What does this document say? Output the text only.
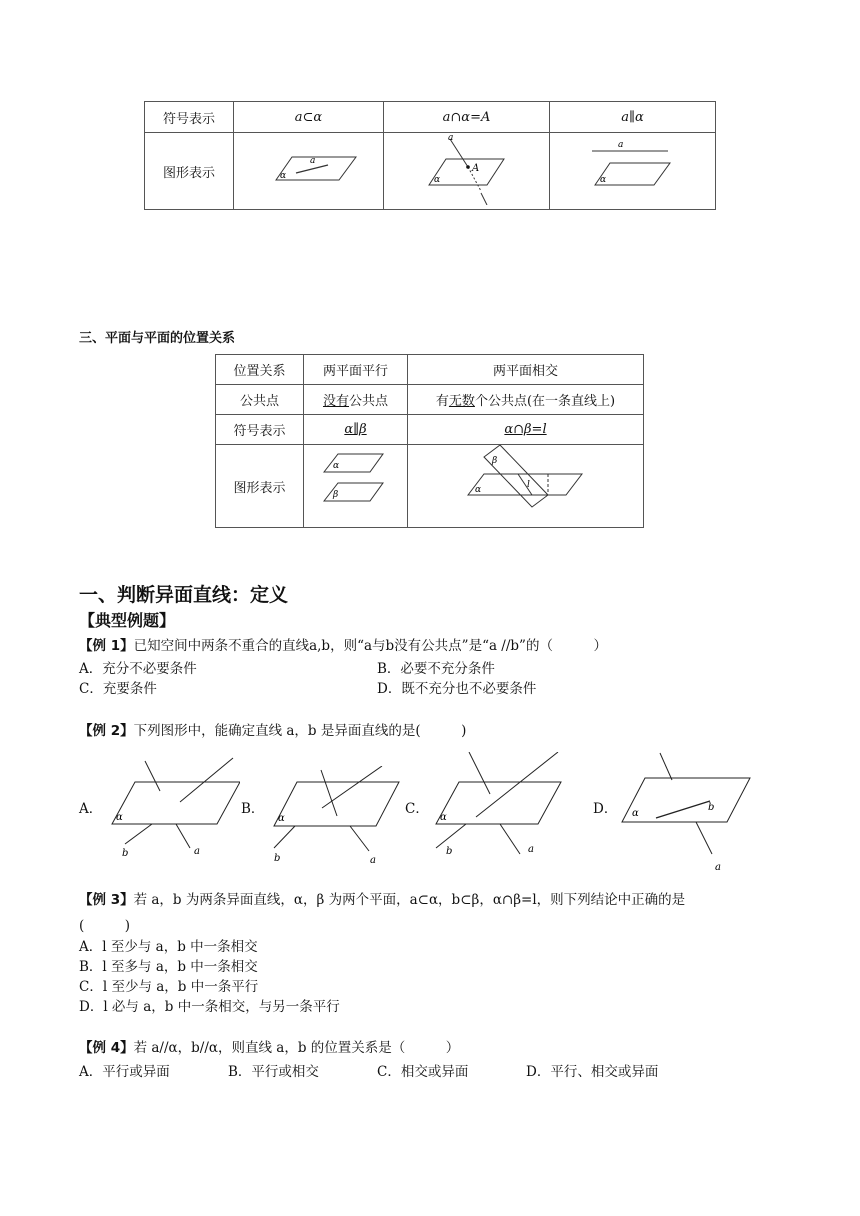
符号表示	a⊂α	a∩α=A	a∥α
图形表示	a
α	a
A
α	a
α
三、平面与平面的位置关系
位置关系	两平面平行	两平面相交
公共点	没有公共点	有无数个公共点(在一条直线上)
符号表示	α∥β	α∩β=l
图形表示	α
β	β
l
α
一、判断异面直线：定义
【典型例题】
【例 1】已知空间中两条不重合的直线a,b，则“a与b没有公共点”是“a //b”的（　　　）
A．充分不必要条件	B．必要不充分条件
C．充要条件	D．既不充分也不必要条件
【例 2】下列图形中，能确定直线 a，b 是异面直线的是(　　　)
A．	B．	C．	D．
α
b	a
α
b	a
α
b	a
α
b
a
【例 3】若 a，b 为两条异面直线，α，β 为两个平面，a⊂α，b⊂β，α∩β=l，则下列结论中正确的是
(　　　)
A．l 至少与 a，b 中一条相交
B．l 至多与 a，b 中一条相交
C．l 至少与 a，b 中一条平行
D．l 必与 a，b 中一条相交，与另一条平行
【例 4】若 a//α，b//α，则直线 a，b 的位置关系是（　　　）
A．平行或异面	B．平行或相交	C．相交或异面	D．平行、相交或异面
